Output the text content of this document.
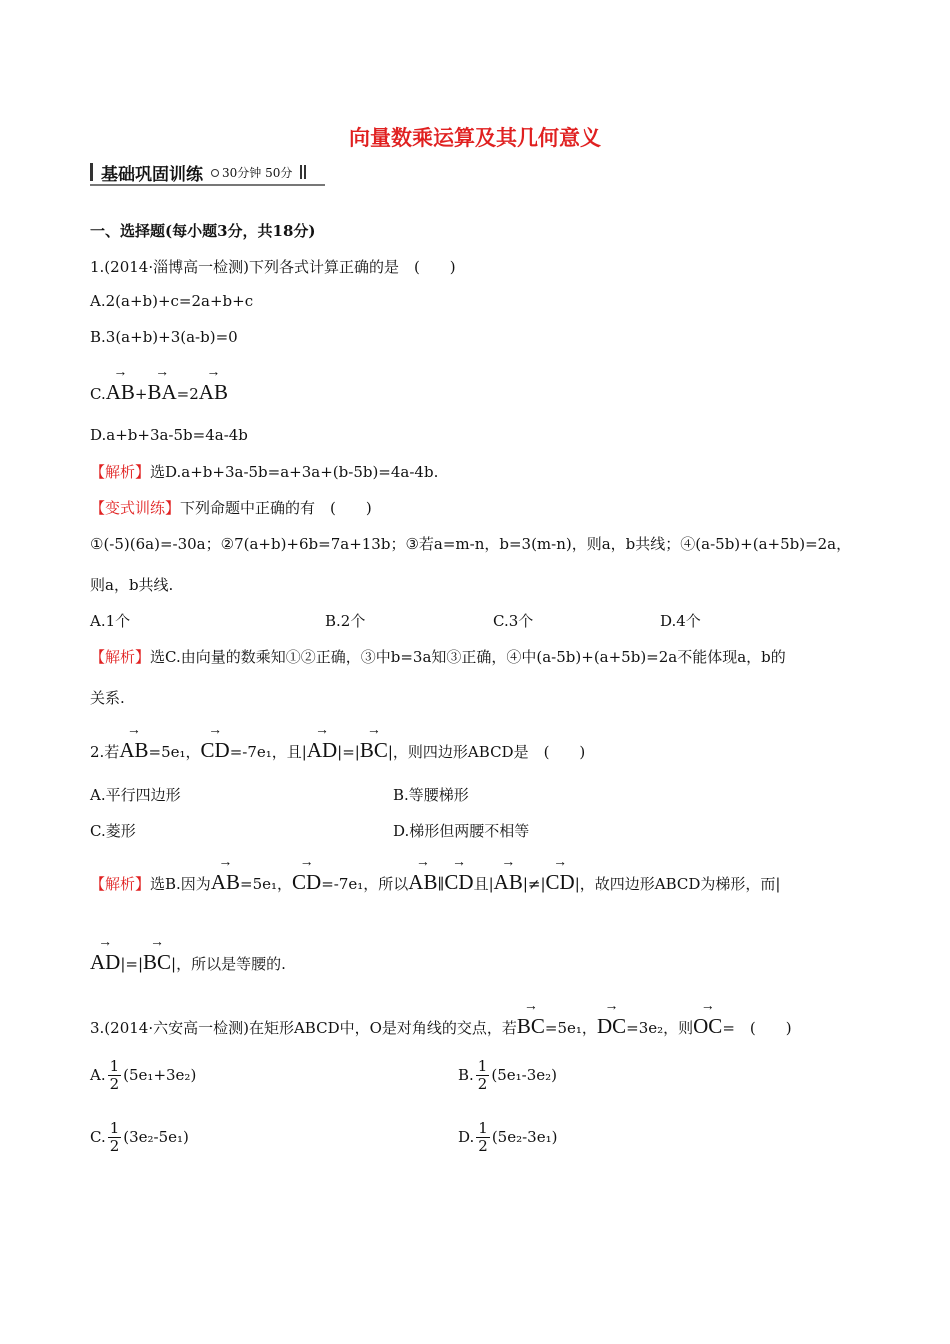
向量数乘运算及其几何意义
基础巩固训练	30分钟 50分
一、选择题(每小题3分，共18分)
1.(2014·淄博高一检测)下列各式计算正确的是　(　　)
A.2(a+b)+c=2a+b+c
B.3(a+b)+3(a-b)=0
C.→ AB+→ BA=2→ AB
D.a+b+3a-5b=4a-4b
【解析】选D.a+b+3a-5b=a+3a+(b-5b)=4a-4b.
【变式训练】下列命题中正确的有　(　　)
①(-5)(6a)=-30a；②7(a+b)+6b=7a+13b；③若a=m-n，b=3(m-n)，则a，b共线；④(a-5b)+(a+5b)=2a，
则a，b共线.
A.1个	B.2个	C.3个	D.4个
【解析】选C.由向量的数乘知①②正确，③中b=3a知③正确，④中(a-5b)+(a+5b)=2a不能体现a，b的
关系.
2.若→ AB=5e₁，→ CD=-7e₁，且|→ AD|=|→ BC|，则四边形ABCD是　(　　)
A.平行四边形	B.等腰梯形
C.菱形	D.梯形但两腰不相等
【解析】选B.因为→ AB=5e₁，→ CD=-7e₁，所以→ AB∥→ CD且|→ AB|≠|→ CD|，故四边形ABCD为梯形，而|
→ AD|=|→ BC|，所以是等腰的.
3.(2014·六安高一检测)在矩形ABCD中，O是对角线的交点，若→ BC=5e₁，→ DC=3e₂，则→ OC=　(　　)
A. $\frac{1}{2} (5e_1+3e_2)$	B. $\frac{1}{2} (5e_1-3e_2)$
C. $\frac{1}{2} (3e_2-5e_1)$	D. $\frac{1}{2} (5e_2-3e_1)$
